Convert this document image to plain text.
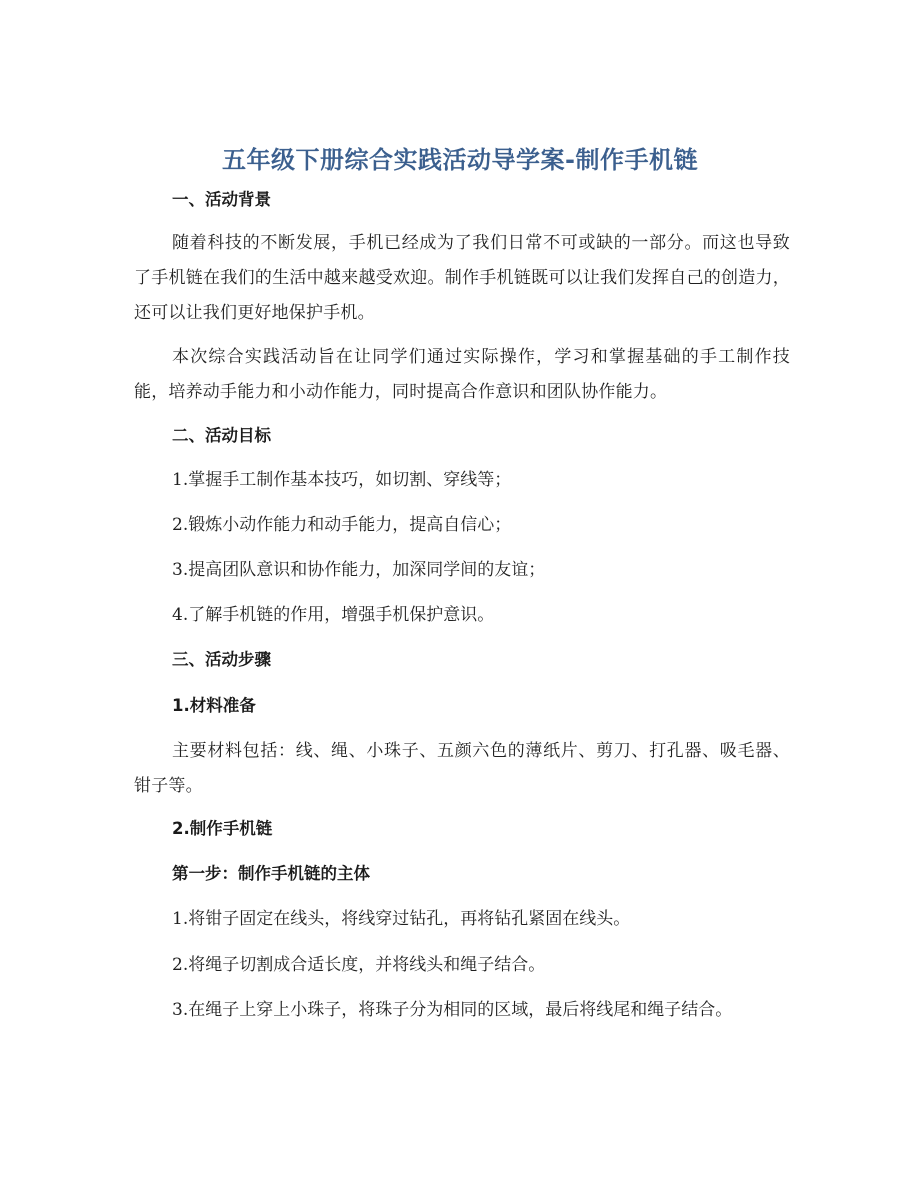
五年级下册综合实践活动导学案-制作手机链
一、活动背景
随着科技的不断发展，手机已经成为了我们日常不可或缺的一部分。而这也导致了手机链在我们的生活中越来越受欢迎。制作手机链既可以让我们发挥自己的创造力，还可以让我们更好地保护手机。
本次综合实践活动旨在让同学们通过实际操作，学习和掌握基础的手工制作技能，培养动手能力和小动作能力，同时提高合作意识和团队协作能力。
二、活动目标
1.掌握手工制作基本技巧，如切割、穿线等；
2.锻炼小动作能力和动手能力，提高自信心；
3.提高团队意识和协作能力，加深同学间的友谊；
4.了解手机链的作用，增强手机保护意识。
三、活动步骤
1.材料准备
主要材料包括：线、绳、小珠子、五颜六色的薄纸片、剪刀、打孔器、吸毛器、钳子等。
2.制作手机链
第一步：制作手机链的主体
1.将钳子固定在线头，将线穿过钻孔，再将钻孔紧固在线头。
2.将绳子切割成合适长度，并将线头和绳子结合。
3.在绳子上穿上小珠子，将珠子分为相同的区域，最后将线尾和绳子结合。
